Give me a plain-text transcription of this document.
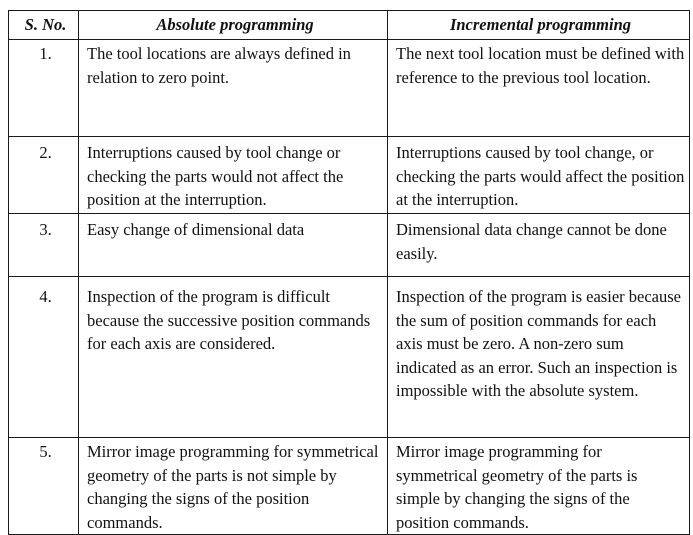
S. No.	Absolute programming	Incremental programming
1.	The tool locations are always defined in relation to zero point.	The next tool location must be defined with reference to the previous tool location.
2.	Interruptions caused by tool change or checking the parts would not affect the position at the interruption.	Interruptions caused by tool change, or checking the parts would affect the position at the interruption.
3.	Easy change of dimensional data	Dimensional data change cannot be done easily.
4.	Inspection of the program is difficult because the successive position commands for each axis are considered.	Inspection of the program is easier because the sum of position commands for each axis must be zero. A non-zero sum indicated as an error. Such an inspection is impossible with the absolute system.
5.	Mirror image programming for symmetrical geometry of the parts is not simple by changing the signs of the position commands.	Mirror image programming for symmetrical geometry of the parts is simple by changing the signs of the position commands.
